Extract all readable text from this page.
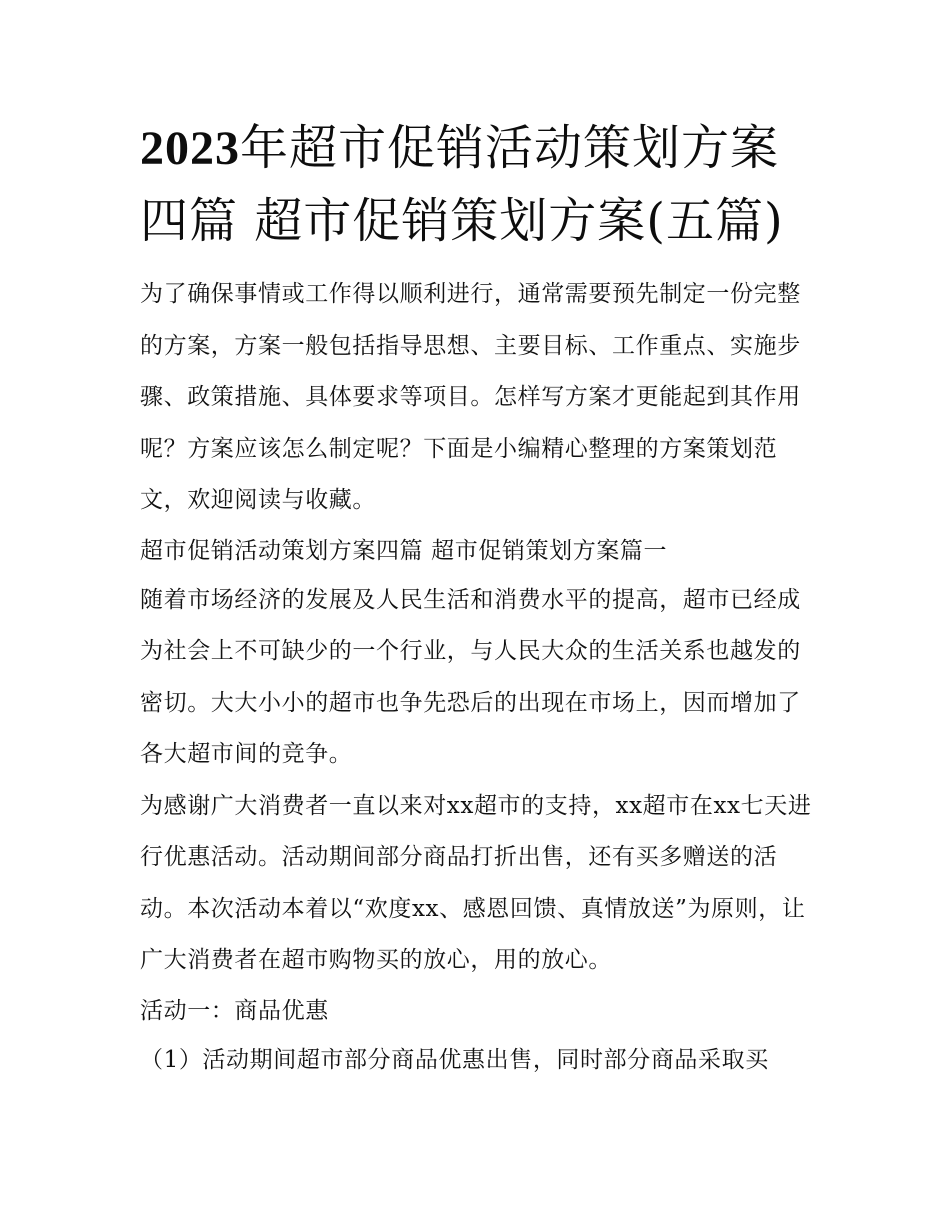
2023年超市促销活动策划方案四篇 超市促销策划方案(五篇)

为了确保事情或工作得以顺利进行，通常需要预先制定一份完整的方案，方案一般包括指导思想、主要目标、工作重点、实施步骤、政策措施、具体要求等项目。怎样写方案才更能起到其作用呢？方案应该怎么制定呢？下面是小编精心整理的方案策划范文，欢迎阅读与收藏。

超市促销活动策划方案四篇 超市促销策划方案篇一

随着市场经济的发展及人民生活和消费水平的提高，超市已经成为社会上不可缺少的一个行业，与人民大众的生活关系也越发的密切。大大小小的超市也争先恐后的出现在市场上，因而增加了各大超市间的竞争。

为感谢广大消费者一直以来对xx超市的支持，xx超市在xx七天进行优惠活动。活动期间部分商品打折出售，还有买多赠送的活动。本次活动本着以“欢度xx、感恩回馈、真情放送”为原则，让广大消费者在超市购物买的放心，用的放心。

活动一：商品优惠

（1）活动期间超市部分商品优惠出售，同时部分商品采取买
